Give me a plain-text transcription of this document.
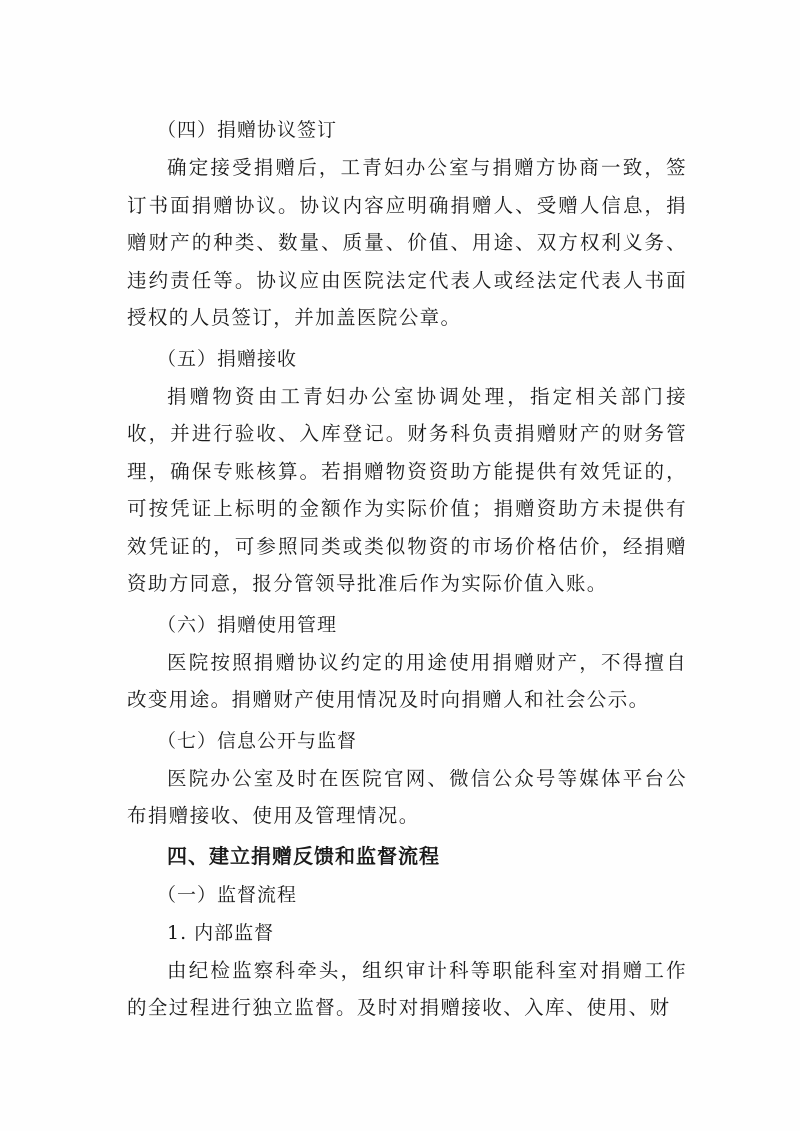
（四）捐赠协议签订

确定接受捐赠后，工青妇办公室与捐赠方协商一致，签订书面捐赠协议。协议内容应明确捐赠人、受赠人信息，捐赠财产的种类、数量、质量、价值、用途、双方权利义务、违约责任等。协议应由医院法定代表人或经法定代表人书面授权的人员签订，并加盖医院公章。

（五）捐赠接收

捐赠物资由工青妇办公室协调处理，指定相关部门接收，并进行验收、入库登记。财务科负责捐赠财产的财务管理，确保专账核算。若捐赠物资资助方能提供有效凭证的，可按凭证上标明的金额作为实际价值；捐赠资助方未提供有效凭证的，可参照同类或类似物资的市场价格估价，经捐赠资助方同意，报分管领导批准后作为实际价值入账。

（六）捐赠使用管理

医院按照捐赠协议约定的用途使用捐赠财产，不得擅自改变用途。捐赠财产使用情况及时向捐赠人和社会公示。

（七）信息公开与监督

医院办公室及时在医院官网、微信公众号等媒体平台公布捐赠接收、使用及管理情况。

四、建立捐赠反馈和监督流程

（一）监督流程

1. 内部监督

由纪检监察科牵头，组织审计科等职能科室对捐赠工作的全过程进行独立监督。及时对捐赠接收、入库、使用、财
